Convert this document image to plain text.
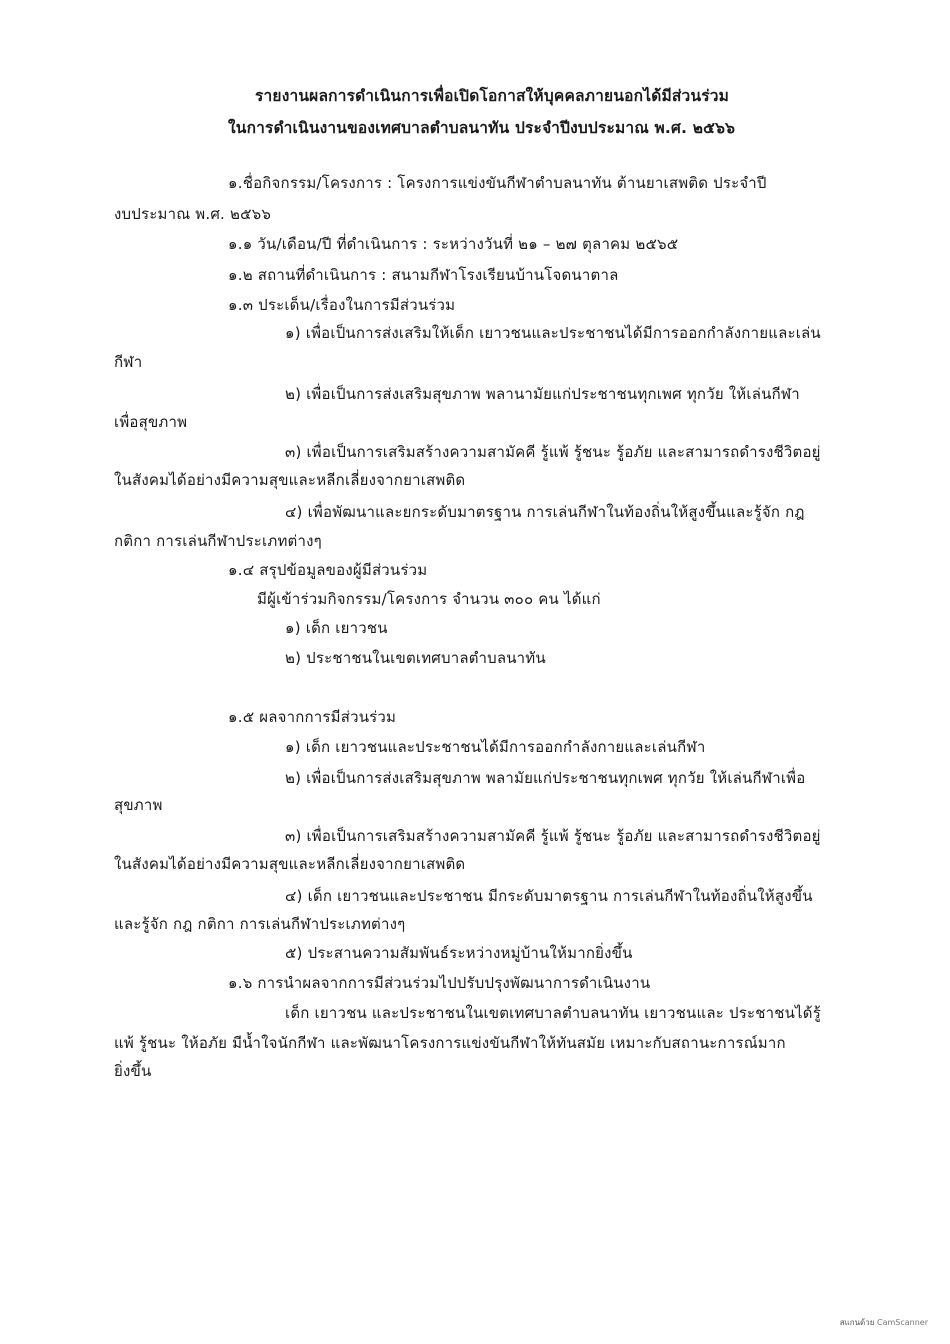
รายงานผลการดำเนินการเพื่อเปิดโอกาสให้บุคคลภายนอกได้มีส่วนร่วม
ในการดำเนินงานของเทศบาลตำบลนาทัน ประจำปีงบประมาณ พ.ศ. ๒๕๖๖
๑.ชื่อกิจกรรม/โครงการ : โครงการแข่งขันกีฬาตำบลนาทัน ต้านยาเสพติด ประจำปี
งบประมาณ พ.ศ. ๒๕๖๖
๑.๑ วัน/เดือน/ปี ที่ดำเนินการ : ระหว่างวันที่ ๒๑ – ๒๗ ตุลาคม ๒๕๖๕
๑.๒ สถานที่ดำเนินการ : สนามกีฬาโรงเรียนบ้านโจดนาตาล
๑.๓ ประเด็น/เรื่องในการมีส่วนร่วม
๑) เพื่อเป็นการส่งเสริมให้เด็ก เยาวชนและประชาชนได้มีการออกกำลังกายและเล่น
กีฬา
๒) เพื่อเป็นการส่งเสริมสุขภาพ พลานามัยแก่ประชาชนทุกเพศ ทุกวัย ให้เล่นกีฬา
เพื่อสุขภาพ
๓) เพื่อเป็นการเสริมสร้างความสามัคคี รู้แพ้ รู้ชนะ รู้อภัย และสามารถดำรงชีวิตอยู่
ในสังคมได้อย่างมีความสุขและหลีกเลี่ยงจากยาเสพติด
๔) เพื่อพัฒนาและยกระดับมาตรฐาน การเล่นกีฬาในท้องถิ่นให้สูงขึ้นและรู้จัก กฎ
กติกา การเล่นกีฬาประเภทต่างๆ
๑.๔ สรุปข้อมูลของผู้มีส่วนร่วม
มีผู้เข้าร่วมกิจกรรม/โครงการ จำนวน ๓๐๐ คน ได้แก่
๑) เด็ก เยาวชน
๒) ประชาชนในเขตเทศบาลตำบลนาทัน
๑.๕ ผลจากการมีส่วนร่วม
๑) เด็ก เยาวชนและประชาชนได้มีการออกกำลังกายและเล่นกีฬา
๒) เพื่อเป็นการส่งเสริมสุขภาพ พลามัยแก่ประชาชนทุกเพศ ทุกวัย ให้เล่นกีฬาเพื่อ
สุขภาพ
๓) เพื่อเป็นการเสริมสร้างความสามัคคี รู้แพ้ รู้ชนะ รู้อภัย และสามารถดำรงชีวิตอยู่
ในสังคมได้อย่างมีความสุขและหลีกเลี่ยงจากยาเสพติด
๔) เด็ก เยาวชนและประชาชน มีกระดับมาตรฐาน การเล่นกีฬาในท้องถิ่นให้สูงขึ้น
และรู้จัก กฎ กติกา การเล่นกีฬาประเภทต่างๆ
๕) ประสานความสัมพันธ์ระหว่างหมู่บ้านให้มากยิ่งขึ้น
๑.๖ การนำผลจากการมีส่วนร่วมไปปรับปรุงพัฒนาการดำเนินงาน
เด็ก เยาวชน และประชาชนในเขตเทศบาลตำบลนาทัน เยาวชนและ ประชาชนได้รู้
แพ้ รู้ชนะ ให้อภัย มีน้ำใจนักกีฬา และพัฒนาโครงการแข่งขันกีฬาให้ทันสมัย เหมาะกับสถานะการณ์มาก
ยิ่งขึ้น
สแกนด้วย CamScanner
